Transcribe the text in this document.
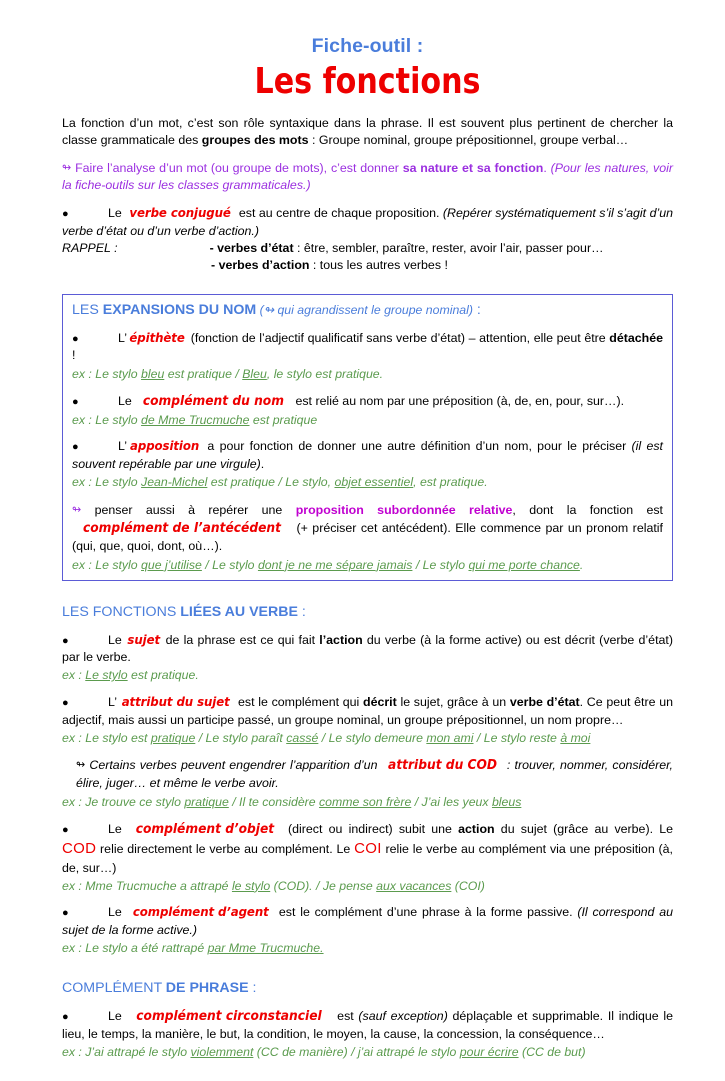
Fiche-outil :
Les fonctions

La fonction d’un mot, c’est son rôle syntaxique dans la phrase. Il est souvent plus pertinent de chercher la classe grammaticale des groupes des mots : Groupe nominal, groupe prépositionnel, groupe verbal…

↬ Faire l’analyse d’un mot (ou groupe de mots), c’est donner sa nature et sa fonction. (Pour les natures, voir la fiche-outils sur les classes grammaticales.)

●	Le verbe conjugué est au centre de chaque proposition. (Repérer systématiquement s’il s’agit d’un verbe d’état ou d’un verbe d’action.)

RAPPEL :	- verbes d’état : être, sembler, paraître, rester, avoir l’air, passer pour…
- verbes d’action : tous les autres verbes !

LES EXPANSIONS DU NOM (↬ qui agrandissent le groupe nominal) :

●	L’ épithète (fonction de l’adjectif qualificatif sans verbe d’état) – attention, elle peut être détachée !

ex : Le stylo bleu est pratique / Bleu, le stylo est pratique.

●	Le complément du nom est relié au nom par une préposition (à, de, en, pour, sur…).

ex : Le stylo de Mme Trucmuche est pratique

●	L’ apposition a pour fonction de donner une autre définition d’un nom, pour le préciser (il est souvent repérable par une virgule).

ex : Le stylo Jean-Michel est pratique / Le stylo, objet essentiel, est pratique.

↬ penser aussi à repérer une proposition subordonnée relative, dont la fonction est complément de l’antécédent (+ préciser cet antécédent). Elle commence par un pronom relatif (qui, que, quoi, dont, où…).

ex : Le stylo que j’utilise / Le stylo dont je ne me sépare jamais / Le stylo qui me porte chance.

LES FONCTIONS LIÉES AU VERBE :

●	Le sujet de la phrase est ce qui fait l’action du verbe (à la forme active) ou est décrit (verbe d’état) par le verbe.

ex : Le stylo est pratique.

●	L’ attribut du sujet est le complément qui décrit le sujet, grâce à un verbe d’état. Ce peut être un adjectif, mais aussi un participe passé, un groupe nominal, un groupe prépositionnel, un nom propre…

ex : Le stylo est pratique / Le stylo paraît cassé / Le stylo demeure mon ami / Le stylo reste à moi

↬ Certains verbes peuvent engendrer l’apparition d’un attribut du COD : trouver, nommer, considérer, élire, juger… et même le verbe avoir.

ex : Je trouve ce stylo pratique / Il te considère comme son frère / J’ai les yeux bleus

●	Le complément d’objet (direct ou indirect) subit une action du sujet (grâce au verbe). Le COD relie directement le verbe au complément. Le COI relie le verbe au complément via une préposition (à, de, sur…)

ex : Mme Trucmuche a attrapé le stylo (COD). / Je pense aux vacances (COI)

●	Le complément d’agent est le complément d’une phrase à la forme passive. (Il correspond au sujet de la forme active.)

ex : Le stylo a été rattrapé par Mme Trucmuche.

COMPLÉMENT DE PHRASE :

●	Le complément circonstanciel est (sauf exception) déplaçable et supprimable. Il indique le lieu, le temps, la manière, le but, la condition, le moyen, la cause, la concession, la conséquence…

ex : J’ai attrapé le stylo violemment (CC de manière) / j’ai attrapé le stylo pour écrire (CC de but)
